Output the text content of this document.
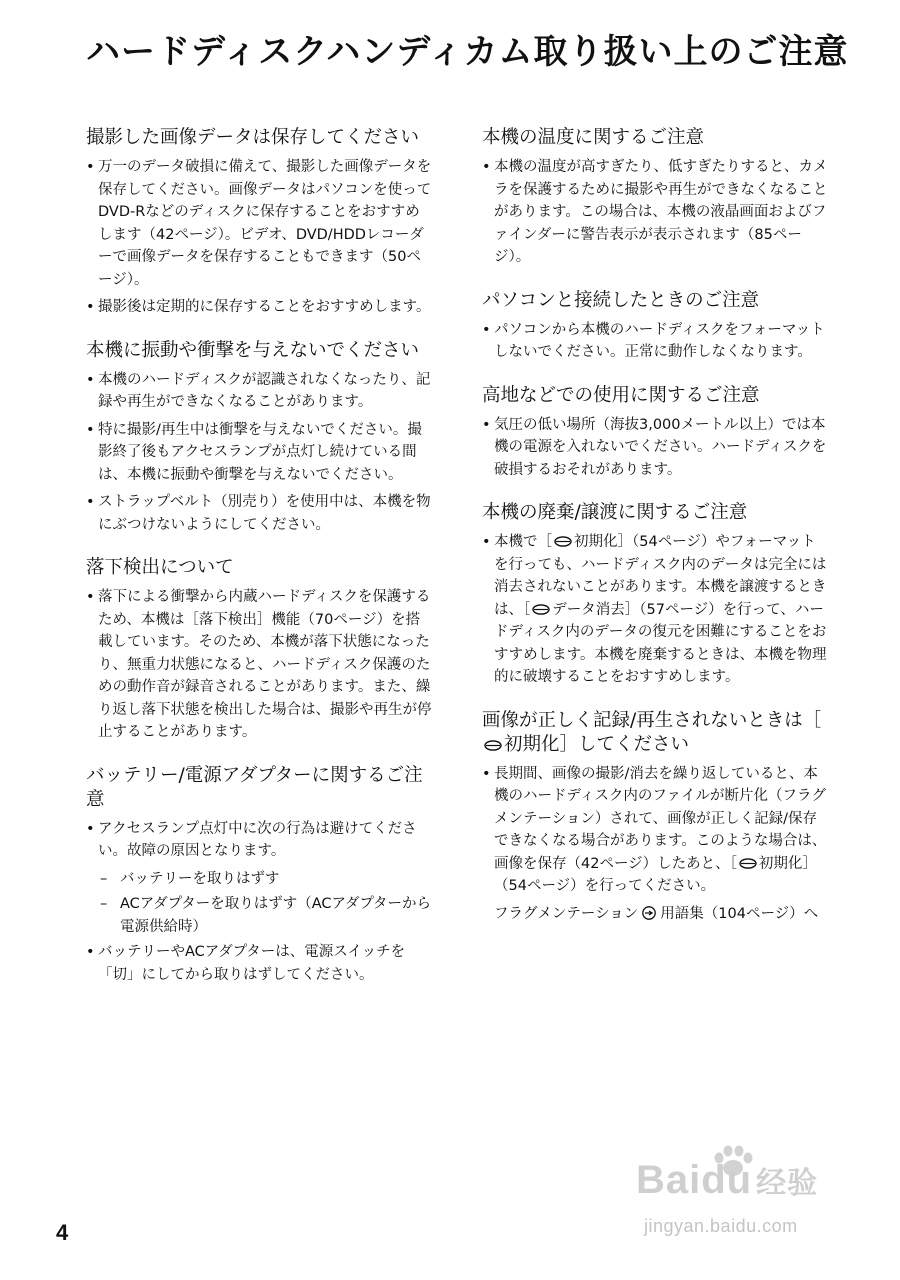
ハードディスクハンディカム取り扱い上のご注意
撮影した画像データは保存してください
• 万一のデータ破損に備えて、撮影した画像データを保存してください。画像データはパソコンを使ってDVD-Rなどのディスクに保存することをおすすめします（42ページ）。ビデオ、DVD/HDDレコーダーで画像データを保存することもできます（50ページ）。
• 撮影後は定期的に保存することをおすすめします。
本機に振動や衝撃を与えないでください
• 本機のハードディスクが認識されなくなったり、記録や再生ができなくなることがあります。
• 特に撮影/再生中は衝撃を与えないでください。撮影終了後もアクセスランプが点灯し続けている間は、本機に振動や衝撃を与えないでください。
• ストラップベルト（別売り）を使用中は、本機を物にぶつけないようにしてください。
落下検出について
• 落下による衝撃から内蔵ハードディスクを保護するため、本機は［落下検出］機能（70ページ）を搭載しています。そのため、本機が落下状態になったり、無重力状態になると、ハードディスク保護のための動作音が録音されることがあります。また、繰り返し落下状態を検出した場合は、撮影や再生が停止することがあります。
バッテリー/電源アダプターに関するご注意
• アクセスランプ点灯中に次の行為は避けてください。故障の原因となります。
– バッテリーを取りはずす
– ACアダプターを取りはずす（ACアダプターから電源供給時）
• バッテリーやACアダプターは、電源スイッチを「切」にしてから取りはずしてください。
本機の温度に関するご注意
• 本機の温度が高すぎたり、低すぎたりすると、カメラを保護するために撮影や再生ができなくなることがあります。この場合は、本機の液晶画面およびファインダーに警告表示が表示されます（85ページ）。
パソコンと接続したときのご注意
• パソコンから本機のハードディスクをフォーマットしないでください。正常に動作しなくなります。
高地などでの使用に関するご注意
• 気圧の低い場所（海抜3,000メートル以上）では本機の電源を入れないでください。ハードディスクを破損するおそれがあります。
本機の廃棄/譲渡に関するご注意
• 本機で［ 初期化］（54ページ）やフォーマットを行っても、ハードディスク内のデータは完全には消去されないことがあります。本機を譲渡するときは、［ データ消去］（57ページ）を行って、ハードディスク内のデータの復元を困難にすることをおすすめします。本機を廃棄するときは、本機を物理的に破壊することをおすすめします。
画像が正しく記録/再生されないときは［初期化］してください
• 長期間、画像の撮影/消去を繰り返していると、本機のハードディスク内のファイルが断片化（フラグメンテーション）されて、画像が正しく記録/保存できなくなる場合があります。このような場合は、画像を保存（42ページ）したあと、［ 初期化］（54ページ）を行ってください。
フラグメンテーション 用語集（104ページ）へ
4
Baidu 经验
jingyan.baidu.com
